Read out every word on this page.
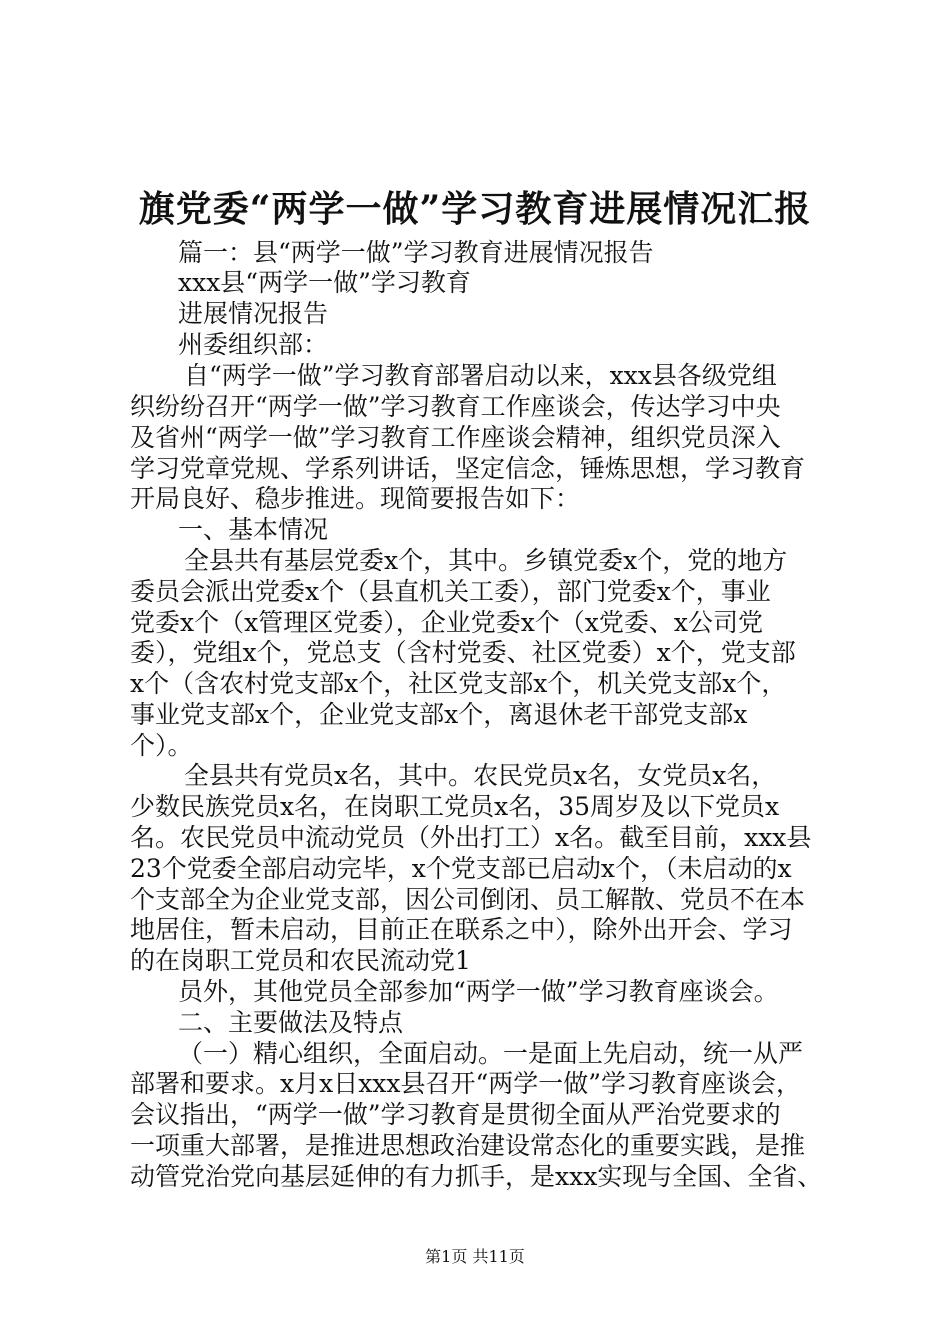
旗党委“两学一做”学习教育进展情况汇报
篇一：县“两学一做”学习教育进展情况报告
xxx县“两学一做”学习教育
进展情况报告
州委组织部：
自“两学一做”学习教育部署启动以来，xxx县各级党组
织纷纷召开“两学一做”学习教育工作座谈会，传达学习中央
及省州“两学一做”学习教育工作座谈会精神，组织党员深入
学习党章党规、学系列讲话，坚定信念，锤炼思想，学习教育
开局良好、稳步推进。现简要报告如下：
一、基本情况
全县共有基层党委x个，其中。乡镇党委x个，党的地方
委员会派出党委x个（县直机关工委），部门党委x个，事业
党委x个（x管理区党委），企业党委x个（x党委、x公司党
委），党组x个，党总支（含村党委、社区党委）x个，党支部
x个（含农村党支部x个，社区党支部x个，机关党支部x个，
事业党支部x个，企业党支部x个，离退休老干部党支部x
个）。
全县共有党员x名，其中。农民党员x名，女党员x名，
少数民族党员x名，在岗职工党员x名，35周岁及以下党员x
名。农民党员中流动党员（外出打工）x名。截至目前，xxx县
23个党委全部启动完毕，x个党支部已启动x个，（未启动的x
个支部全为企业党支部，因公司倒闭、员工解散、党员不在本
地居住，暂未启动，目前正在联系之中），除外出开会、学习
的在岗职工党员和农民流动党1
员外，其他党员全部参加“两学一做”学习教育座谈会。
二、主要做法及特点
（一）精心组织，全面启动。一是面上先启动，统一从严
部署和要求。x月x日xxx县召开“两学一做”学习教育座谈会，
会议指出，“两学一做”学习教育是贯彻全面从严治党要求的
一项重大部署，是推进思想政治建设常态化的重要实践，是推
动管党治党向基层延伸的有力抓手，是xxx实现与全国、全省、
第1页 共11页
